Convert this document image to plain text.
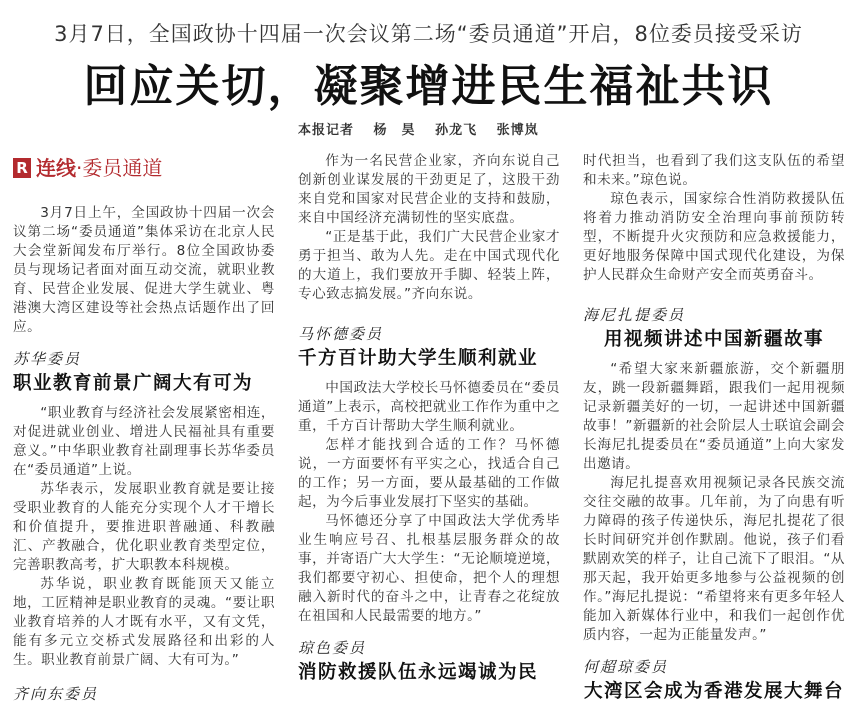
3月7日，全国政协十四届一次会议第二场“委员通道”开启，8位委员接受采访
回应关切，凝聚增进民生福祉共识
本报记者 杨　昊 孙龙飞 张博岚
R 连线 ·委员通道

3月7日上午，全国政协十四届一次会议第二场“委员通道”集体采访在北京人民大会堂新闻发布厅举行。8位全国政协委员与现场记者面对面互动交流，就职业教育、民营企业发展、促进大学生就业、粤港澳大湾区建设等社会热点话题作出了回应。

苏华委员
职业教育前景广阔大有可为

“职业教育与经济社会发展紧密相连，对促进就业创业、增进人民福祉具有重要意义。”中华职业教育社副理事长苏华委员在“委员通道”上说。

苏华表示，发展职业教育就是要让接受职业教育的人能充分实现个人才干增长和价值提升，要推进职普融通、科教融汇、产教融合，优化职业教育类型定位，完善职教高考，扩大职教本科规模。

苏华说，职业教育既能顶天又能立地，工匠精神是职业教育的灵魂。“要让职业教育培养的人才既有水平，又有文凭，能有多元立交桥式发展路径和出彩的人生。职业教育前景广阔、大有可为。”

齐向东委员

作为一名民营企业家，齐向东说自己创新创业谋发展的干劲更足了，这股干劲来自党和国家对民营企业的支持和鼓励，来自中国经济充满韧性的坚实底盘。

“正是基于此，我们广大民营企业家才勇于担当、敢为人先。走在中国式现代化的大道上，我们要放开手脚、轻装上阵，专心致志搞发展。”齐向东说。

马怀德委员
千方百计助大学生顺利就业

中国政法大学校长马怀德委员在“委员通道”上表示，高校把就业工作作为重中之重，千方百计帮助大学生顺利就业。

怎样才能找到合适的工作？马怀德说，一方面要怀有平实之心，找适合自己的工作；另一方面，要从最基础的工作做起，为今后事业发展打下坚实的基础。

马怀德还分享了中国政法大学优秀毕业生响应号召、扎根基层服务群众的故事，并寄语广大大学生：“无论顺境逆境，我们都要守初心、担使命，把个人的理想融入新时代的奋斗之中，让青春之花绽放在祖国和人民最需要的地方。”

琼色委员
消防救援队伍永远竭诚为民

时代担当，也看到了我们这支队伍的希望和未来。”琼色说。

琼色表示，国家综合性消防救援队伍将着力推动消防安全治理向事前预防转型，不断提升火灾预防和应急救援能力，更好地服务保障中国式现代化建设，为保护人民群众生命财产安全而英勇奋斗。

海尼扎提委员
用视频讲述中国新疆故事

“希望大家来新疆旅游，交个新疆朋友，跳一段新疆舞蹈，跟我们一起用视频记录新疆美好的一切，一起讲述中国新疆故事！”新疆新的社会阶层人士联谊会副会长海尼扎提委员在“委员通道”上向大家发出邀请。

海尼扎提喜欢用视频记录各民族交流交往交融的故事。几年前，为了向患有听力障碍的孩子传递快乐，海尼扎提花了很长时间研究并创作默剧。他说，孩子们看默剧欢笑的样子，让自己流下了眼泪。“从那天起，我开始更多地参与公益视频的创作。”海尼扎提说：“希望将来有更多年轻人能加入新媒体行业中，和我们一起创作优质内容，一起为正能量发声。”

何超琼委员
大湾区会成为香港发展大舞台
